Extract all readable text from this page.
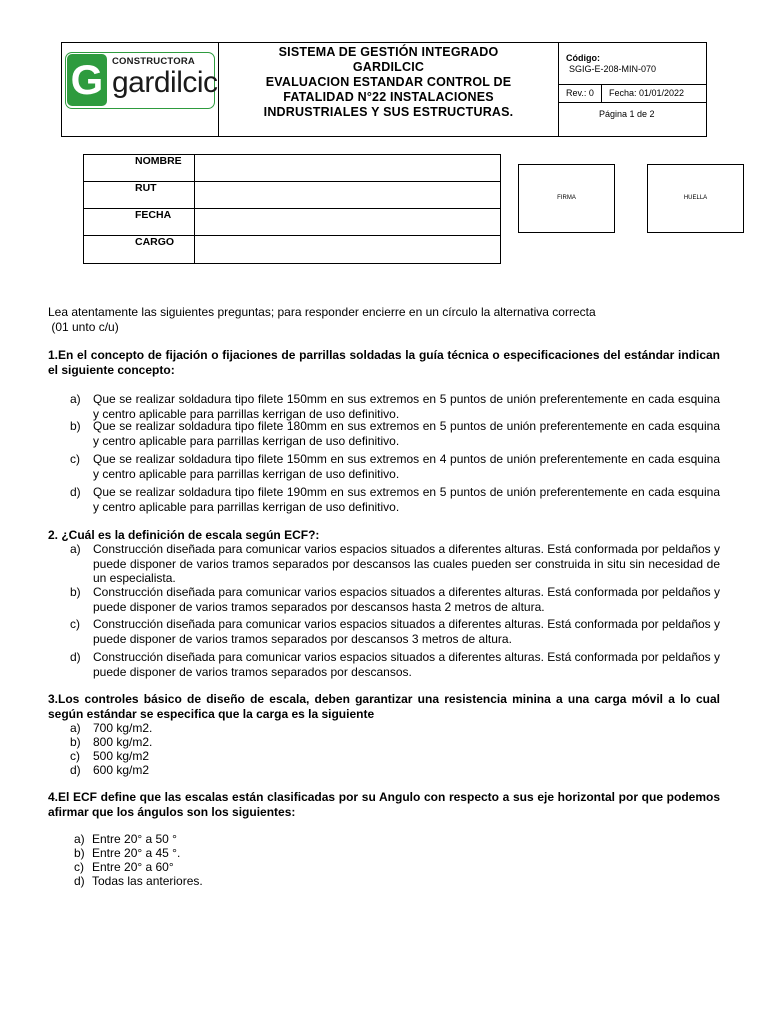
G CONSTRUCTORA
gardilcic
SISTEMA DE GESTIÓN INTEGRADO
GARDILCIC
EVALUACION ESTANDAR CONTROL DE
FATALIDAD N°22 INSTALACIONES
INDRUSTRIALES Y SUS ESTRUCTURAS.
Código:
SGIG-E-208-MIN-070
Rev.: 0	Fecha: 01/01/2022
Página 1 de 2
NOMBRE
RUT
FECHA
CARGO
FIRMA	HUELLA
Lea atentamente las siguientes preguntas; para responder encierre en un círculo la alternativa correcta
(01 unto c/u)
1.En el concepto de fijación o fijaciones de parrillas soldadas la guía técnica o especificaciones del estándar indican el siguiente concepto:
a) Que se realizar soldadura tipo filete 150mm en sus extremos en 5 puntos de unión preferentemente en cada esquina y centro aplicable para parrillas kerrigan de uso definitivo.
b) Que se realizar soldadura tipo filete 180mm en sus extremos en 5 puntos de unión preferentemente en cada esquina y centro aplicable para parrillas kerrigan de uso definitivo.
c) Que se realizar soldadura tipo filete 150mm en sus extremos en 4 puntos de unión preferentemente en cada esquina y centro aplicable para parrillas kerrigan de uso definitivo.
d) Que se realizar soldadura tipo filete 190mm en sus extremos en 5 puntos de unión preferentemente en cada esquina y centro aplicable para parrillas kerrigan de uso definitivo.
2. ¿Cuál es la definición de escala según ECF?:
a) Construcción diseñada para comunicar varios espacios situados a diferentes alturas. Está conformada por peldaños y puede disponer de varios tramos separados por descansos las cuales pueden ser construida in situ sin necesidad de un especialista.
b) Construcción diseñada para comunicar varios espacios situados a diferentes alturas. Está conformada por peldaños y puede disponer de varios tramos separados por descansos hasta 2 metros de altura.
c) Construcción diseñada para comunicar varios espacios situados a diferentes alturas. Está conformada por peldaños y puede disponer de varios tramos separados por descansos 3 metros de altura.
d) Construcción diseñada para comunicar varios espacios situados a diferentes alturas. Está conformada por peldaños y puede disponer de varios tramos separados por descansos.
3.Los controles básico de diseño de escala, deben garantizar una resistencia minina a una carga móvil a lo cual según estándar se especifica que la carga es la siguiente
a) 700 kg/m2.
b) 800 kg/m2.
c) 500 kg/m2
d) 600 kg/m2
4.El ECF define que las escalas están clasificadas por su Angulo con respecto a sus eje horizontal por que podemos afirmar que los ángulos son los siguientes:
a) Entre 20° a 50 °
b) Entre 20° a 45 °.
c) Entre 20° a 60°
d) Todas las anteriores.
